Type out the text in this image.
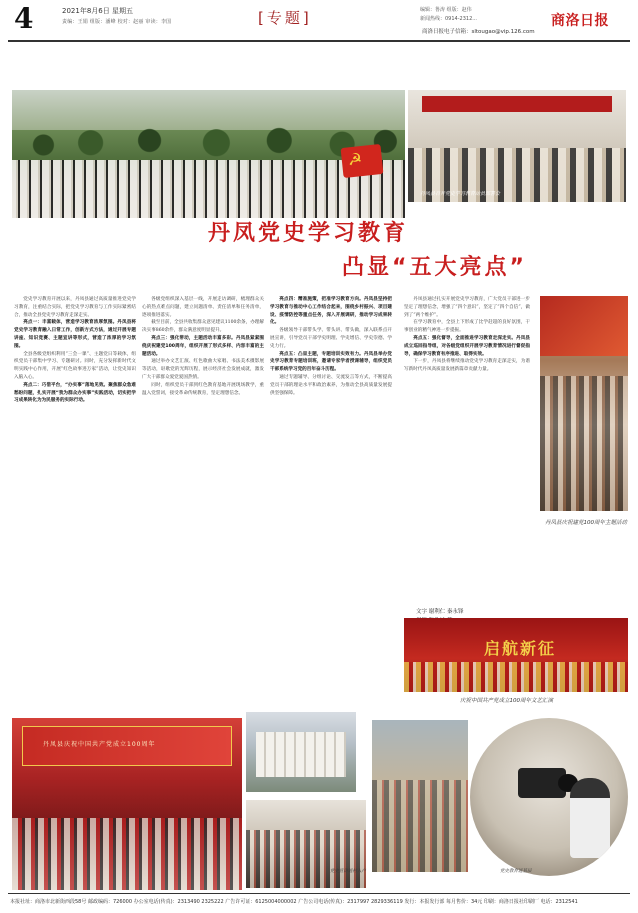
4	2021年8月6日 星期五
责编：王娟 组版：潘峰 校对：赵丽 审读：李国	[专题]	编辑：鲁涛 组版：赵伟
新闻热线：0914-2312...
商洛日报电子信箱：sltougao@vip.126.com
商洛日报
☭
丹凤县召开党史学习教育动员部署会
丹凤党史学习教育
凸显“五大亮点”

党史学习教育开展以来，丹凤县通过高质量推进党史学习教育，注重结合实际，把党史学习教育与工作实际紧密结合，推动全县党史学习教育走深走实。

亮点一：丰富载体，营造学习教育浓厚氛围。丹凤县将党史学习教育融入日常工作，创新方式方法，通过开展专题讲座、知识竞赛、主题宣讲等形式，营造了浓厚的学习氛围。

全县各级党组织利用“三会一课”、主题党日等载体，组织党员干部集中学习、专题研讨。同时，充分发挥新时代文明实践中心作用，开展“红色故事进万家”活动，让党史知识入脑入心。

亮点二：巧借平台，“办实事”落地见效。聚焦群众急难愁盼问题，扎实开展“我为群众办实事”实践活动，切实把学习成果转化为为民服务的实际行动。

各级党组织深入基层一线，开展走访调研，梳理群众关心的热点难点问题，建立问题清单、责任清单和任务清单，逐项推进落实。

截至目前，全县共收集群众意见建议1100余条，办理解决实事860余件，群众满意度明显提升。

亮点三：强化带动，主题活动丰富多彩。丹凤县紧紧围绕庆祝建党100周年，组织开展了形式多样、内容丰富的主题活动。

通过举办文艺汇演、红色歌曲大家唱、书法美术摄影展等活动，讴歌党的光辉历程，展示经济社会发展成就，激发广大干部群众爱党爱国热情。

同时，组织党员干部到红色教育基地开展现场教学，重温入党誓词，接受革命传统教育，坚定理想信念。

亮点四：精准施策，把准学习教育方向。丹凤县坚持把学习教育与推动中心工作结合起来，围绕乡村振兴、项目建设、疫情防控等重点任务，深入开展调研，推动学习成果转化。

各级领导干部带头学、带头讲、带头做，深入联系点开展宣讲，引导党员干部学史明理、学史增信、学史崇德、学史力行。

亮点五：凸显主题，专题培训实效有力。丹凤县举办党史学习教育专题培训班，邀请专家学者授课辅导，组织党员干部系统学习党的百年奋斗历程。

通过专题辅导、分组讨论、交流发言等方式，不断提高党员干部的理论水平和政治素养，为推动全县高质量发展提供坚强保障。

丹凤县通过扎实开展党史学习教育，广大党员干部进一步坚定了理想信念，增强了“四个意识”，坚定了“四个自信”，做到了“两个维护”。

在学习教育中，全县上下形成了比学赶超的良好氛围，干事创业的精气神进一步提振。

亮点五：强化督导，全面推进学习教育走深走实。丹凤县成立巡回指导组，对各级党组织开展学习教育情况进行督促指导，确保学习教育有序推进、取得实效。

下一步，丹凤县将继续推动党史学习教育走深走实，为谱写新时代丹凤高质量发展新篇章贡献力量。

文字 谢利仁 秦永锋
丹凤县庆祝建党100周年主题活动
启航新征
庆祝中国共产党成立100周年文艺汇演
丹凤县庆祝中国共产党成立100周年
党史宣讲进村入户	党史教育进基层
本报社址：商洛市北新街西段58号 邮政编码：726000 办公室电话(传真)：2313490 2325222 广告许可证：6125004000002 广告公司电话(传真)：2317997 2829336119 发行：本报发行部 每月售价：34元 印刷：商洛日报社印刷厂 电话：2312541
